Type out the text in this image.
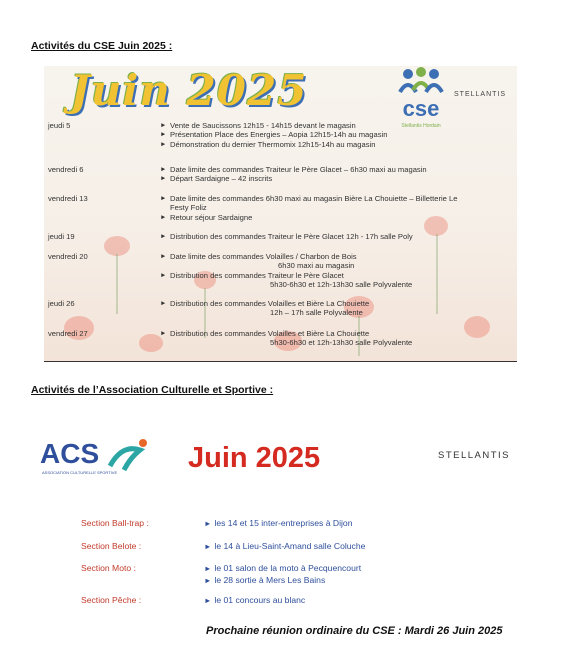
Activités du CSE Juin 2025 :
Juin 2025	cse
Stellantis Hordain
STELLANTIS
jeudi 5	► Vente de Saucissons 12h15 - 14h15 devant le magasin
► Présentation Place des Energies – Aopia 12h15-14h au magasin
► Démonstration du dernier Thermomix 12h15-14h au magasin
vendredi 6	► Date limite des commandes Traiteur le Père Glacet – 6h30 maxi au magasin
► Départ Sardaigne – 42 inscrits
vendredi 13	► Date limite des commandes 6h30 maxi au magasin Bière La Chouiette – Billetterie Le
Festy Foliz
► Retour séjour Sardaigne
jeudi 19	► Distribution des commandes Traiteur le Père Glacet 12h - 17h salle Poly
vendredi 20	► Date limite des commandes Volailles / Charbon de Bois
6h30 maxi au magasin
► Distribution des commandes Traiteur le Père Glacet
5h30-6h30 et 12h-13h30 salle Polyvalente
jeudi 26	► Distribution des commandes Volailles et Bière La Chouiette
12h – 17h salle Polyvalente
vendredi 27	► Distribution des commandes Volailles et Bière La Chouiette
5h30-6h30 et 12h-13h30 salle Polyvalente
Activités de l’Association Culturelle et Sportive :
ACS
ASSOCIATION CULTURELLE SPORTIVE Juin 2025	STELLANTIS
Section Ball-trap :	► les 14 et 15 inter-entreprises à Dijon
Section Belote :	► le 14 à Lieu-Saint-Amand salle Coluche
Section Moto :	► le 01 salon de la moto à Pecquencourt
► le 28 sortie à Mers Les Bains
Section Pêche :	► le 01 concours au blanc
Prochaine réunion ordinaire du CSE : Mardi 26 Juin 2025
